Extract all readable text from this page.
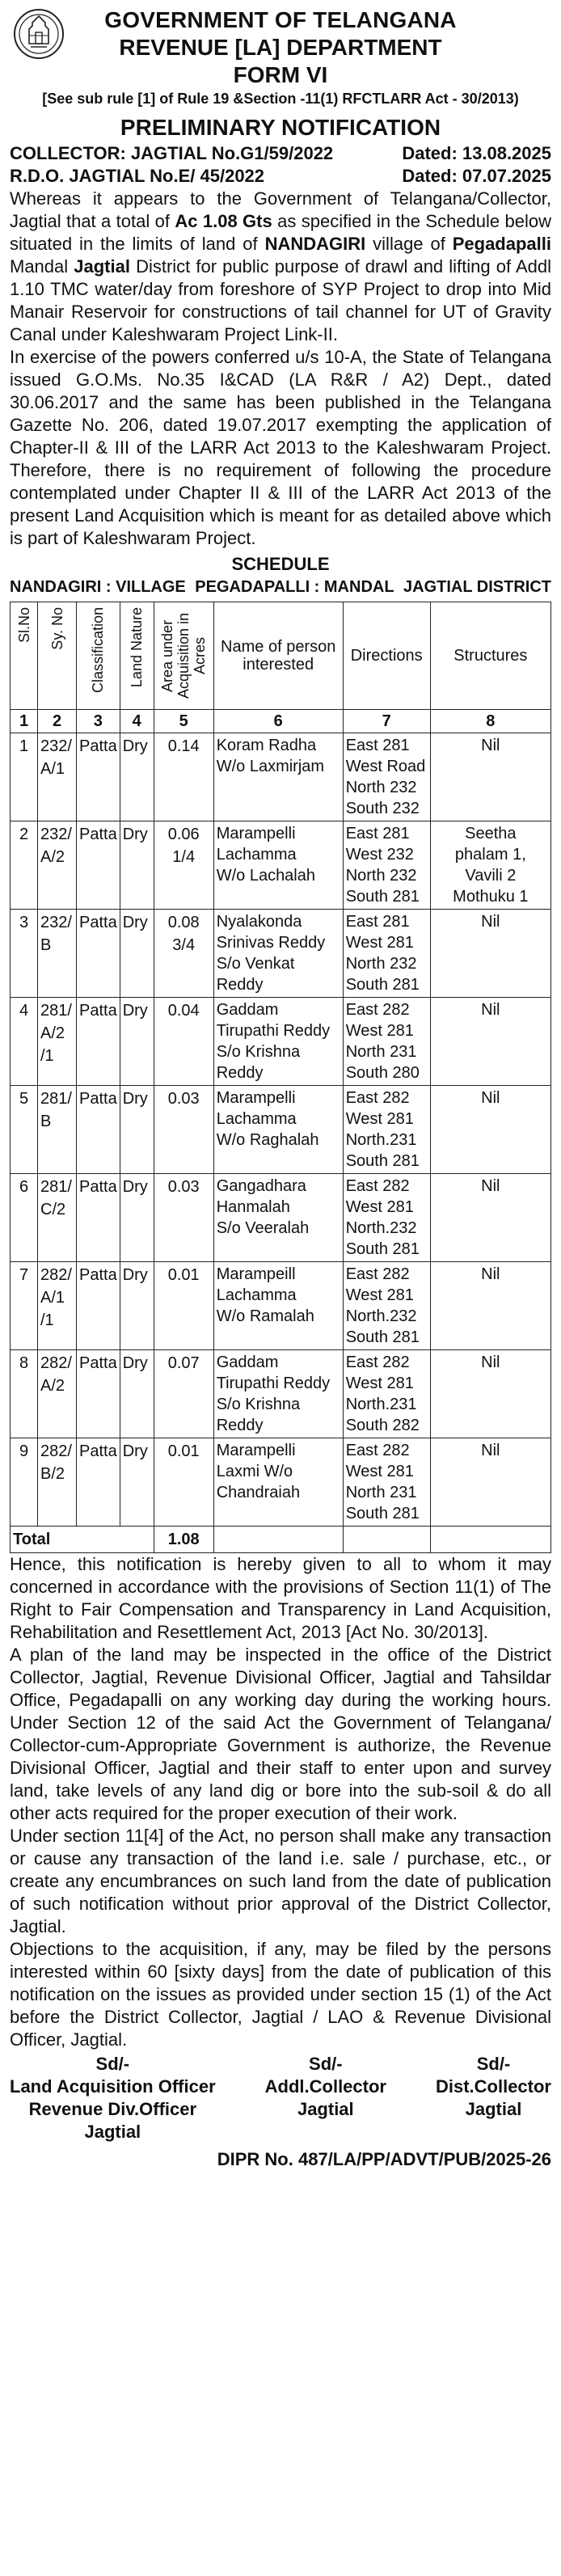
GOVERNMENT OF TELANGANA
REVENUE [LA] DEPARTMENT
FORM VI
[See sub rule [1] of Rule 19 &Section -11(1) RFCTLARR Act - 30/2013)
PRELIMINARY NOTIFICATION
COLLECTOR: JAGTIAL No.G1/59/2022	Dated: 13.08.2025
R.D.O. JAGTIAL No.E/ 45/2022	Dated: 07.07.2025

Whereas it appears to the Government of Telangana/Collector, Jagtial that a total of Ac 1.08 Gts as specified in the Schedule below situated in the limits of land of NANDAGIRI village of Pegadapalli Mandal Jagtial District for public purpose of drawl and lifting of Addl 1.10 TMC water/day from foreshore of SYP Project to drop into Mid Manair Reservoir for constructions of tail channel for UT of Gravity Canal under Kaleshwaram Project Link-II.

In exercise of the powers conferred u/s 10-A, the State of Telangana issued G.O.Ms. No.35 I&CAD (LA R&R / A2) Dept., dated 30.06.2017 and the same has been published in the Telangana Gazette No. 206, dated 19.07.2017 exempting the application of Chapter-II & III of the LARR Act 2013 to the Kaleshwaram Project. Therefore, there is no requirement of following the procedure contemplated under Chapter II & III of the LARR Act 2013 of the present Land Acquisition which is meant for as detailed above which is part of Kaleshwaram Project.

SCHEDULE
NANDAGIRI : VILLAGE PEGADAPALLI : MANDAL JAGTIAL DISTRICT
Sl.No	Sy. No	Classification	Land Nature	Area under Acquisition in Acres	Name of person interested	Directions	Structures
1	2	3	4	5	6	7	8
1	232/
A/1	Patta	Dry	0.14	Koram Radha
W/o Laxmirjam	East 281
West Road
North 232
South 232	Nil
2	232/
A/2	Patta	Dry	0.06 1/4	Marampelli
Lachamma
W/o Lachalah	East 281
West 232
North 232
South 281	Seetha
phalam 1,
Vavili 2
Mothuku 1
3	232/
B	Patta	Dry	0.08 3/4	Nyalakonda
Srinivas Reddy
S/o Venkat
Reddy	East 281
West 281
North 232
South 281	Nil
4	281/
A/2
/1	Patta	Dry	0.04	Gaddam
Tirupathi Reddy
S/o Krishna
Reddy	East 282
West 281
North 231
South 280	Nil
5	281/
B	Patta	Dry	0.03	Marampelli
Lachamma
W/o Raghalah	East 282
West 281
North.231
South 281	Nil
6	281/
C/2	Patta	Dry	0.03	Gangadhara
Hanmalah
S/o Veeralah	East 282
West 281
North.232
South 281	Nil
7	282/
A/1
/1	Patta	Dry	0.01	Marampeill
Lachamma
W/o Ramalah	East 282
West 281
North.232
South 281	Nil
8	282/
A/2	Patta	Dry	0.07	Gaddam
Tirupathi Reddy
S/o Krishna
Reddy	East 282
West 281
North.231
South 282	Nil
9	282/
B/2	Patta	Dry	0.01	Marampelli
Laxmi W/o
Chandraiah	East 282
West 281
North 231
South 281	Nil
Total				1.08			

Hence, this notification is hereby given to all to whom it may concerned in accordance with the provisions of Section 11(1) of The Right to Fair Compensation and Transparency in Land Acquisition, Rehabilitation and Resettlement Act, 2013 [Act No. 30/2013].

A plan of the land may be inspected in the office of the District Collector, Jagtial, Revenue Divisional Officer, Jagtial and Tahsildar Office, Pegadapalli on any working day during the working hours. Under Section 12 of the said Act the Government of Telangana/ Collector-cum-Appropriate Government is authorize, the Revenue Divisional Officer, Jagtial and their staff to enter upon and survey land, take levels of any land dig or bore into the sub-soil & do all other acts required for the proper execution of their work.

Under section 11[4] of the Act, no person shall make any transaction or cause any transaction of the land i.e. sale / purchase, etc., or create any encumbrances on such land from the date of publication of such notification without prior approval of the District Collector, Jagtial.

Objections to the acquisition, if any, may be filed by the persons interested within 60 [sixty days] from the date of publication of this notification on the issues as provided under section 15 (1) of the Act before the District Collector, Jagtial / LAO & Revenue Divisional Officer, Jagtial.

Sd/-
Land Acquisition Officer
Revenue Div.Officer
Jagtial
Sd/-
Addl.Collector
Jagtial
Sd/-
Dist.Collector
Jagtial
DIPR No. 487/LA/PP/ADVT/PUB/2025-26
